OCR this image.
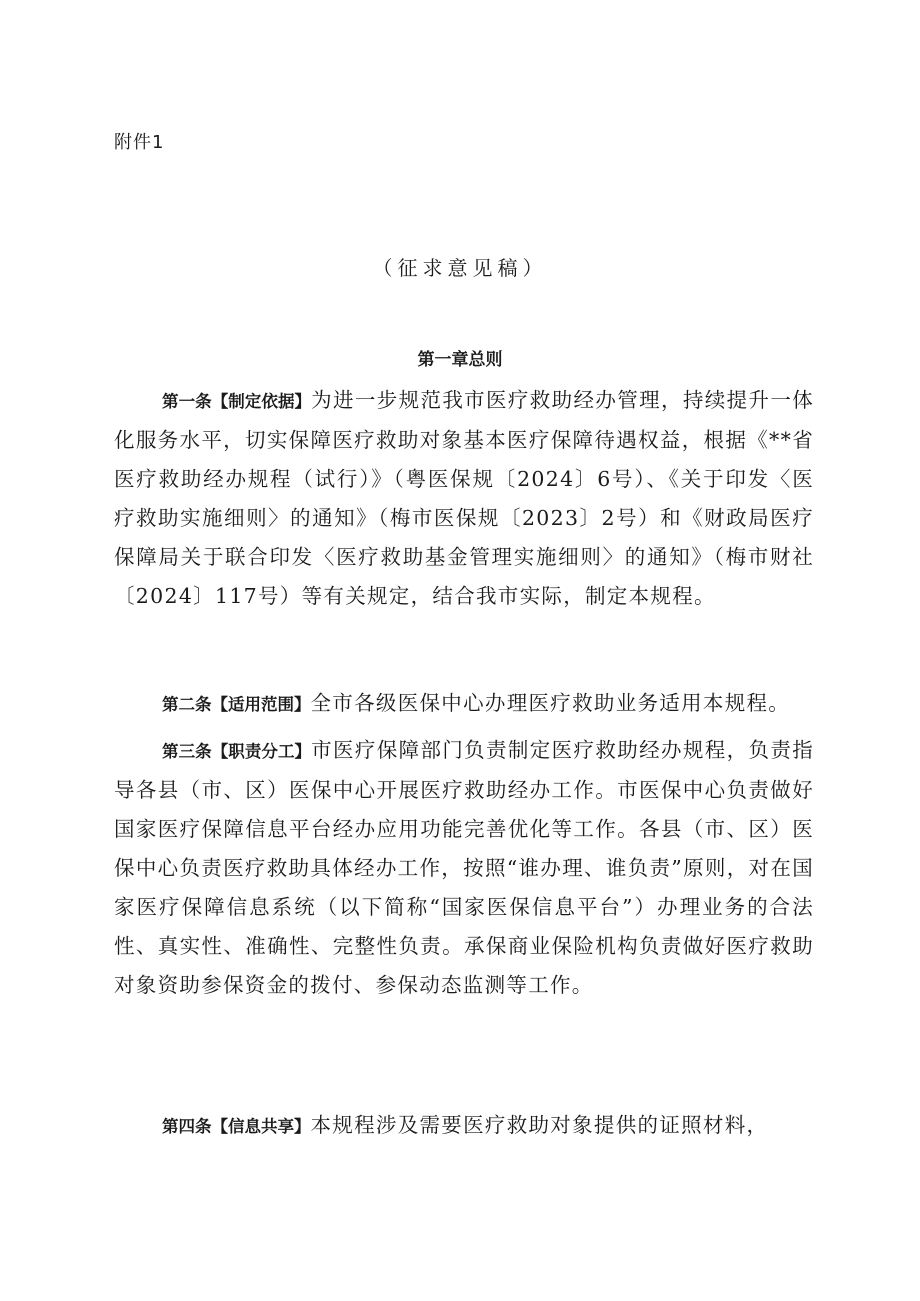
附件1
（征求意见稿）
第一章总则
第一条【制定依据】为进一步规范我市医疗救助经办管理，持续提升一体化服务水平，切实保障医疗救助对象基本医疗保障待遇权益，根据《**省医疗救助经办规程（试行）》（粤医保规〔2024〕6号）、《关于印发〈医疗救助实施细则〉的通知》（梅市医保规〔2023〕2号）和《财政局医疗保障局关于联合印发〈医疗救助基金管理实施细则〉的通知》（梅市财社〔2024〕117号）等有关规定，结合我市实际，制定本规程。
第二条【适用范围】全市各级医保中心办理医疗救助业务适用本规程。
第三条【职责分工】市医疗保障部门负责制定医疗救助经办规程，负责指导各县（市、区）医保中心开展医疗救助经办工作。市医保中心负责做好国家医疗保障信息平台经办应用功能完善优化等工作。各县（市、区）医保中心负责医疗救助具体经办工作，按照“谁办理、谁负责”原则，对在国家医疗保障信息系统（以下简称“国家医保信息平台”）办理业务的合法性、真实性、准确性、完整性负责。承保商业保险机构负责做好医疗救助对象资助参保资金的拨付、参保动态监测等工作。
第四条【信息共享】本规程涉及需要医疗救助对象提供的证照材料，
